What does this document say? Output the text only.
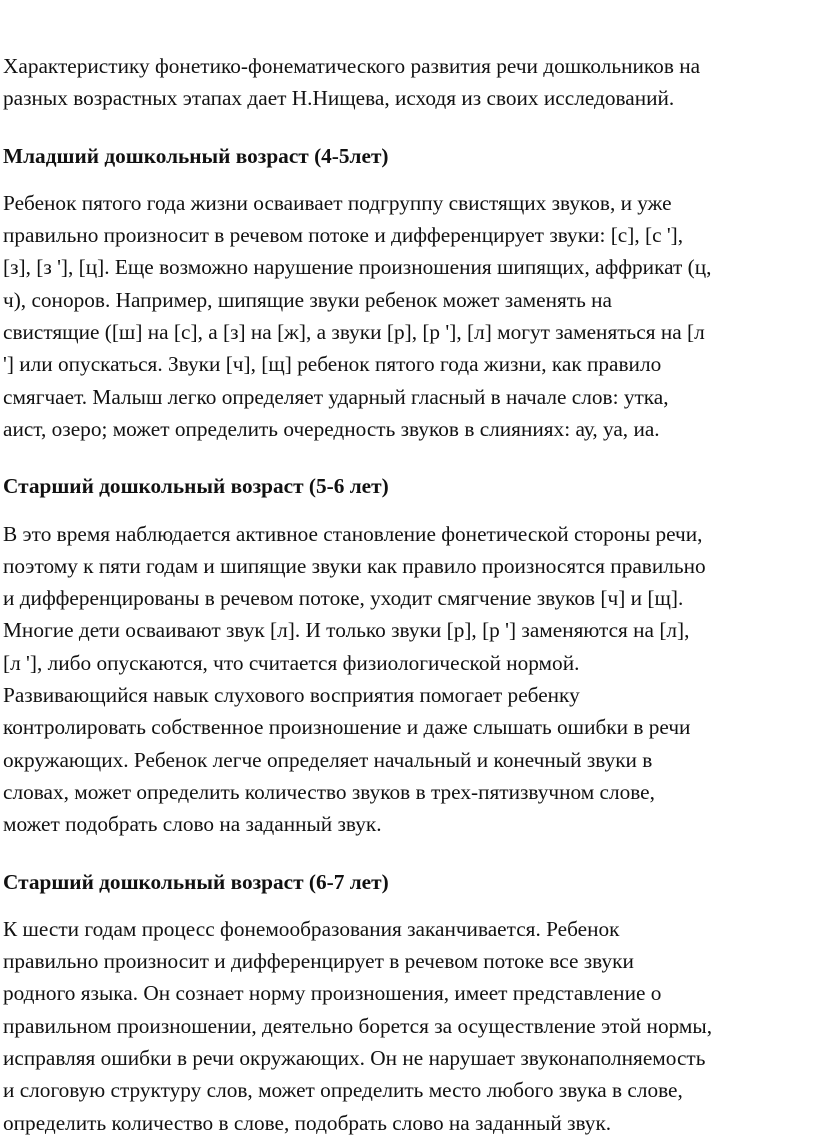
Характеристику фонетико-фонематического развития речи дошкольников на
разных возрастных этапах дает Н.Нищева, исходя из своих исследований.

Младший дошкольный возраст (4-5лет)

Ребенок пятого года жизни осваивает подгруппу свистящих звуков, и уже
правильно произносит в речевом потоке и дифференцирует звуки: [с], [с '],
[з], [з '], [ц]. Еще возможно нарушение произношения шипящих, аффрикат (ц,
ч), соноров. Например, шипящие звуки ребенок может заменять на
свистящие ([ш] на [с], а [з] на [ж], а звуки [р], [р '], [л] могут заменяться на [л
'] или опускаться. Звуки [ч], [щ] ребенок пятого года жизни, как правило
смягчает. Малыш легко определяет ударный гласный в начале слов: утка,
аист, озеро; может определить очередность звуков в слияниях: ау, уа, иа.

Старший дошкольный возраст (5-6 лет)

В это время наблюдается активное становление фонетической стороны речи,
поэтому к пяти годам и шипящие звуки как правило произносятся правильно
и дифференцированы в речевом потоке, уходит смягчение звуков [ч] и [щ].
Многие дети осваивают звук [л]. И только звуки [р], [р '] заменяются на [л],
[л '], либо опускаются, что считается физиологической нормой.
Развивающийся навык слухового восприятия помогает ребенку
контролировать собственное произношение и даже слышать ошибки в речи
окружающих. Ребенок легче определяет начальный и конечный звуки в
словах, может определить количество звуков в трех-пятизвучном слове,
может подобрать слово на заданный звук.

Старший дошкольный возраст (6-7 лет)

К шести годам процесс фонемообразования заканчивается. Ребенок
правильно произносит и дифференцирует в речевом потоке все звуки
родного языка. Он сознает норму произношения, имеет представление о
правильном произношении, деятельно борется за осуществление этой нормы,
исправляя ошибки в речи окружающих. Он не нарушает звуконаполняемость
и слоговую структуру слов, может определить место любого звука в слове,
определить количество в слове, подобрать слово на заданный звук.
